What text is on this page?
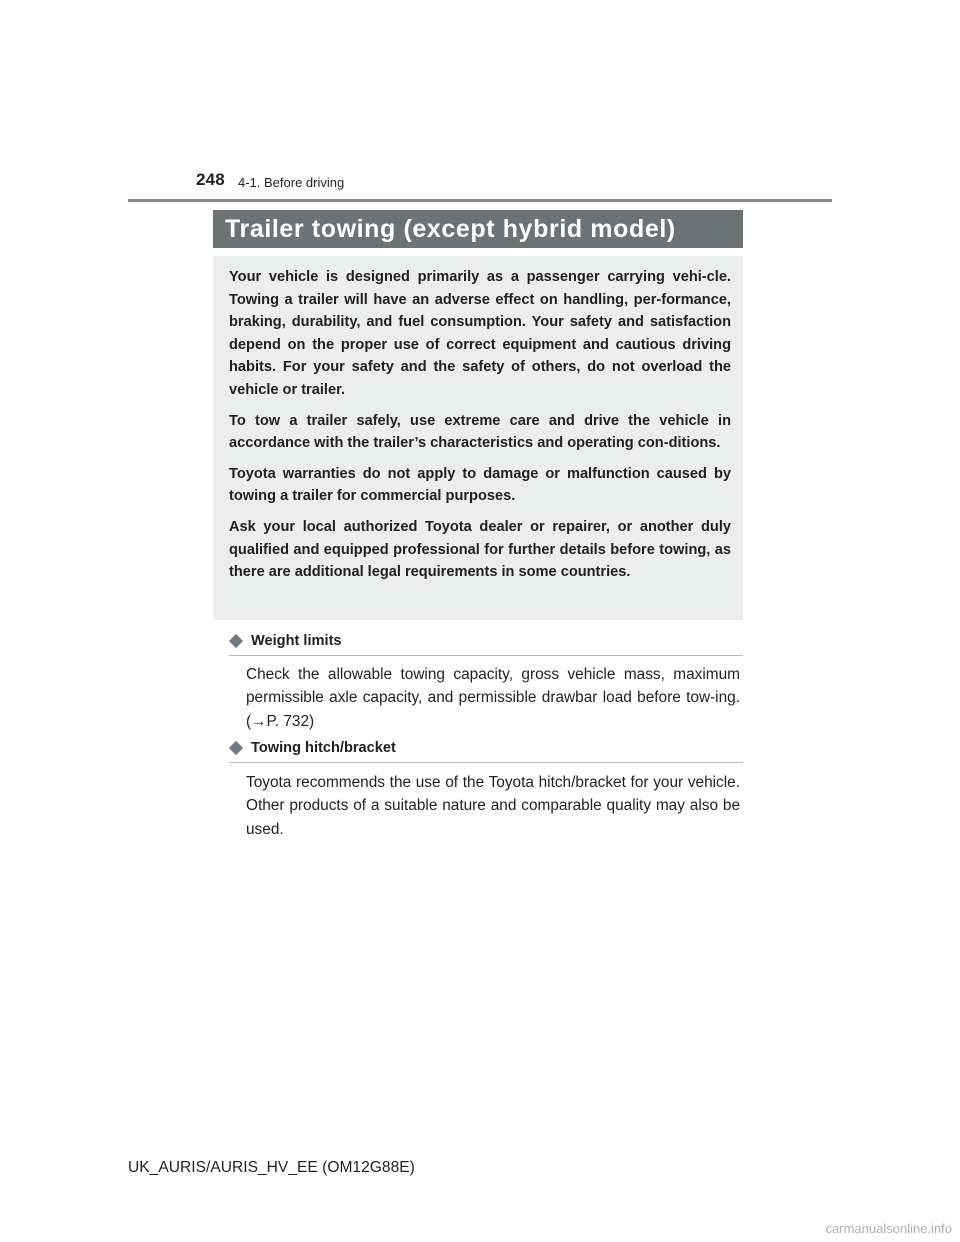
248 4-1. Before driving
Trailer towing (except hybrid model)

Your vehicle is designed primarily as a passenger carrying vehi-cle. Towing a trailer will have an adverse effect on handling, per-formance, braking, durability, and fuel consumption. Your safety and satisfaction depend on the proper use of correct equipment and cautious driving habits. For your safety and the safety of others, do not overload the vehicle or trailer.

To tow a trailer safely, use extreme care and drive the vehicle in accordance with the trailer’s characteristics and operating con-ditions.

Toyota warranties do not apply to damage or malfunction caused by towing a trailer for commercial purposes.

Ask your local authorized Toyota dealer or repairer, or another duly qualified and equipped professional for further details before towing, as there are additional legal requirements in some countries.

Weight limits

Check the allowable towing capacity, gross vehicle mass, maximum permissible axle capacity, and permissible drawbar load before tow-ing. (→P. 732)

Towing hitch/bracket

Toyota recommends the use of the Toyota hitch/bracket for your vehicle. Other products of a suitable nature and comparable quality may also be used.

UK_AURIS/AURIS_HV_EE (OM12G88E)
carmanualsonline.info
